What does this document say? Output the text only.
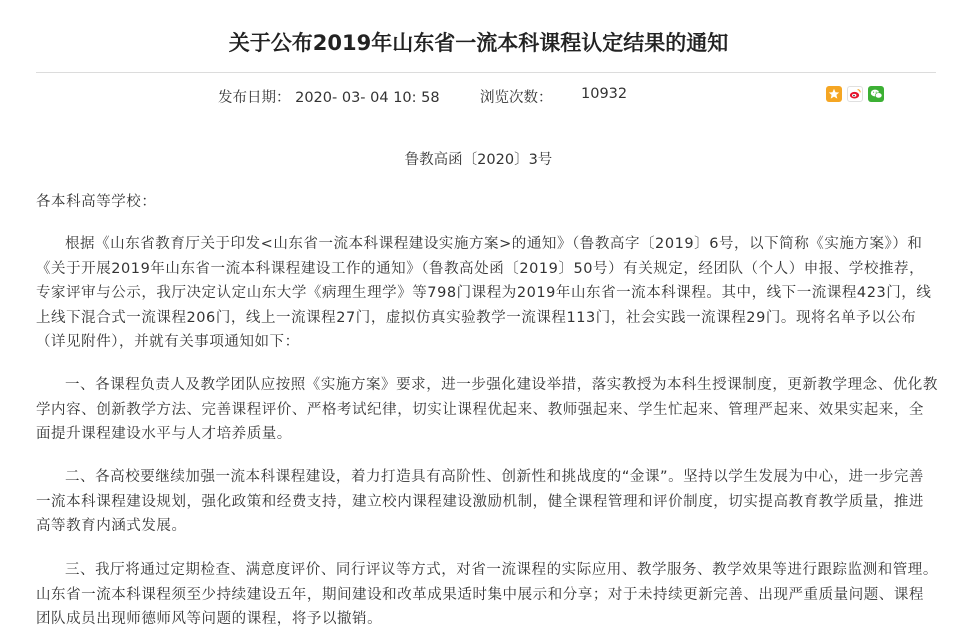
关于公布2019年山东省一流本科课程认定结果的通知
发布日期： 2020- 03- 04 10: 58	浏览次数： 10932
鲁教高函〔2020〕3号
各本科高等学校：
根据《山东省教育厅关于印发<山东省一流本科课程建设实施方案>的通知》（鲁教高字〔2019〕6号，以下简称《实施方案》）和《关于开展2019年山东省一流本科课程建设工作的通知》（鲁教高处函〔2019〕50号）有关规定，经团队（个人）申报、学校推荐，专家评审与公示，我厅决定认定山东大学《病理生理学》等798门课程为2019年山东省一流本科课程。其中，线下一流课程423门，线上线下混合式一流课程206门，线上一流课程27门，虚拟仿真实验教学一流课程113门，社会实践一流课程29门。现将名单予以公布（详见附件），并就有关事项通知如下：
一、各课程负责人及教学团队应按照《实施方案》要求，进一步强化建设举措，落实教授为本科生授课制度，更新教学理念、优化教学内容、创新教学方法、完善课程评价、严格考试纪律，切实让课程优起来、教师强起来、学生忙起来、管理严起来、效果实起来，全面提升课程建设水平与人才培养质量。
二、各高校要继续加强一流本科课程建设，着力打造具有高阶性、创新性和挑战度的“金课”。坚持以学生发展为中心，进一步完善一流本科课程建设规划，强化政策和经费支持，建立校内课程建设激励机制，健全课程管理和评价制度，切实提高教育教学质量，推进高等教育内涵式发展。
三、我厅将通过定期检查、满意度评价、同行评议等方式，对省一流课程的实际应用、教学服务、教学效果等进行跟踪监测和管理。山东省一流本科课程须至少持续建设五年，期间建设和改革成果适时集中展示和分享；对于未持续更新完善、出现严重质量问题、课程团队成员出现师德师风等问题的课程，将予以撤销。
